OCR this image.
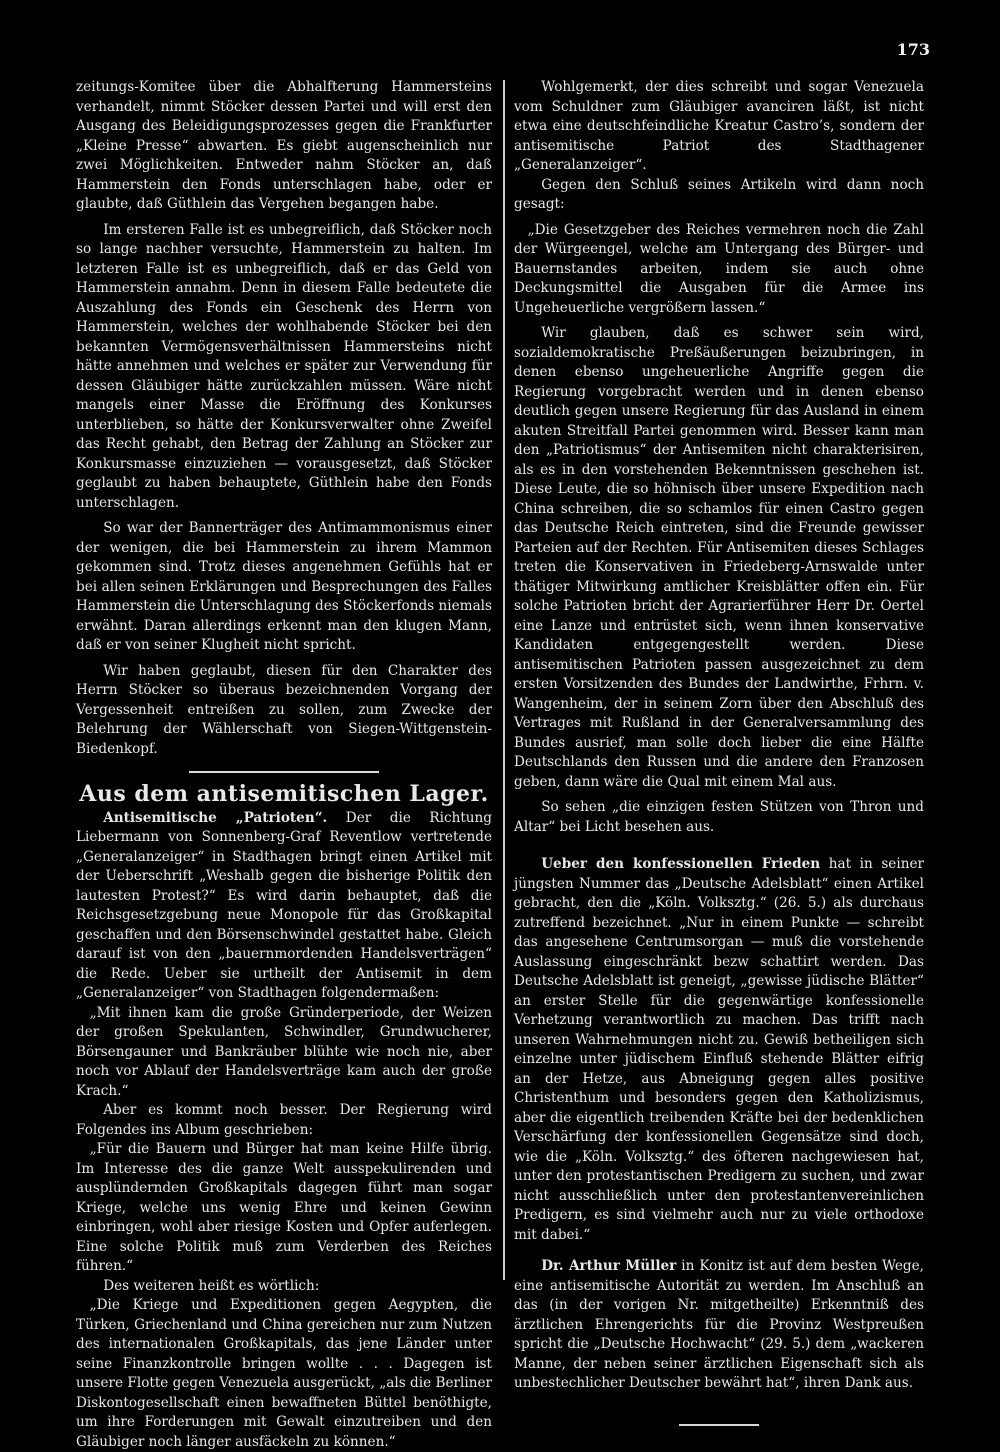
173

zeitungs-Komitee über die Abhalfterung Hammersteins verhandelt, nimmt Stöcker dessen Partei und will erst den Ausgang des Beleidigungsprozesses gegen die Frankfurter „Kleine Presse“ abwarten. Es giebt augenscheinlich nur zwei Möglichkeiten. Entweder nahm Stöcker an, daß Hammerstein den Fonds unterschlagen habe, oder er glaubte, daß Güthlein das Vergehen begangen habe.

Im ersteren Falle ist es unbegreiflich, daß Stöcker noch so lange nachher versuchte, Hammerstein zu halten. Im letzteren Falle ist es unbegreiflich, daß er das Geld von Hammerstein annahm. Denn in diesem Falle bedeutete die Auszahlung des Fonds ein Geschenk des Herrn von Hammerstein, welches der wohlhabende Stöcker bei den bekannten Vermögensverhältnissen Hammersteins nicht hätte annehmen und welches er später zur Verwendung für dessen Gläubiger hätte zurückzahlen müssen. Wäre nicht mangels einer Masse die Eröffnung des Konkurses unterblieben, so hätte der Konkursverwalter ohne Zweifel das Recht gehabt, den Betrag der Zahlung an Stöcker zur Konkursmasse einzuziehen — vorausgesetzt, daß Stöcker geglaubt zu haben behauptete, Güthlein habe den Fonds unterschlagen.

So war der Bannerträger des Antimammonismus einer der wenigen, die bei Hammerstein zu ihrem Mammon gekommen sind. Trotz dieses angenehmen Gefühls hat er bei allen seinen Erklärungen und Besprechungen des Falles Hammerstein die Unterschlagung des Stöckerfonds niemals erwähnt. Daran allerdings erkennt man den klugen Mann, daß er von seiner Klugheit nicht spricht.

Wir haben geglaubt, diesen für den Charakter des Herrn Stöcker so überaus bezeichnenden Vorgang der Vergessenheit entreißen zu sollen, zum Zwecke der Belehrung der Wählerschaft von Siegen-Wittgenstein-Biedenkopf.

Aus dem antisemitischen Lager.

Antisemitische „Patrioten“. Der die Richtung Liebermann von Sonnenberg-Graf Reventlow vertretende „Generalanzeiger“ in Stadthagen bringt einen Artikel mit der Ueberschrift „Weshalb gegen die bisherige Politik den lautesten Protest?“ Es wird darin behauptet, daß die Reichsgesetzgebung neue Monopole für das Großkapital geschaffen und den Börsenschwindel gestattet habe. Gleich darauf ist von den „bauernmordenden Handelsverträgen“ die Rede. Ueber sie urtheilt der Antisemit in dem „Generalanzeiger“ von Stadthagen folgendermaßen:

„Mit ihnen kam die große Gründerperiode, der Weizen der großen Spekulanten, Schwindler, Grundwucherer, Börsengauner und Bankräuber blühte wie noch nie, aber noch vor Ablauf der Handelsverträge kam auch der große Krach.“

Aber es kommt noch besser. Der Regierung wird Folgendes ins Album geschrieben:

„Für die Bauern und Bürger hat man keine Hilfe übrig. Im Interesse des die ganze Welt ausspekulirenden und ausplündernden Großkapitals dagegen führt man sogar Kriege, welche uns wenig Ehre und keinen Gewinn einbringen, wohl aber riesige Kosten und Opfer auferlegen. Eine solche Politik muß zum Verderben des Reiches führen.“

Des weiteren heißt es wörtlich:

„Die Kriege und Expeditionen gegen Aegypten, die Türken, Griechenland und China gereichen nur zum Nutzen des internationalen Großkapitals, das jene Länder unter seine Finanzkontrolle bringen wollte . . . Dagegen ist unsere Flotte gegen Venezuela ausgerückt, „als die Berliner Diskontogesellschaft einen bewaffneten Büttel benöthigte, um ihre Forderungen mit Gewalt einzutreiben und den Gläubiger noch länger ausfäckeln zu können.“

Wohlgemerkt, der dies schreibt und sogar Venezuela vom Schuldner zum Gläubiger avanciren läßt, ist nicht etwa eine deutschfeindliche Kreatur Castro’s, sondern der antisemitische Patriot des Stadthagener „Generalanzeiger“.

Gegen den Schluß seines Artikeln wird dann noch gesagt:

„Die Gesetzgeber des Reiches vermehren noch die Zahl der Würgeengel, welche am Untergang des Bürger- und Bauernstandes arbeiten, indem sie auch ohne Deckungsmittel die Ausgaben für die Armee ins Ungeheuerliche vergrößern lassen.“

Wir glauben, daß es schwer sein wird, sozialdemokratische Preßäußerungen beizubringen, in denen ebenso ungeheuerliche Angriffe gegen die Regierung vorgebracht werden und in denen ebenso deutlich gegen unsere Regierung für das Ausland in einem akuten Streitfall Partei genommen wird. Besser kann man den „Patriotismus“ der Antisemiten nicht charakterisiren, als es in den vorstehenden Bekenntnissen geschehen ist. Diese Leute, die so höhnisch über unsere Expedition nach China schreiben, die so schamlos für einen Castro gegen das Deutsche Reich eintreten, sind die Freunde gewisser Parteien auf der Rechten. Für Antisemiten dieses Schlages treten die Konservativen in Friedeberg-Arnswalde unter thätiger Mitwirkung amtlicher Kreisblätter offen ein. Für solche Patrioten bricht der Agrarierführer Herr Dr. Oertel eine Lanze und entrüstet sich, wenn ihnen konservative Kandidaten entgegengestellt werden. Diese antisemitischen Patrioten passen ausgezeichnet zu dem ersten Vorsitzenden des Bundes der Landwirthe, Frhrn. v. Wangenheim, der in seinem Zorn über den Abschluß des Vertrages mit Rußland in der Generalversammlung des Bundes ausrief, man solle doch lieber die eine Hälfte Deutschlands den Russen und die andere den Franzosen geben, dann wäre die Qual mit einem Mal aus.

So sehen „die einzigen festen Stützen von Thron und Altar“ bei Licht besehen aus.

Ueber den konfessionellen Frieden hat in seiner jüngsten Nummer das „Deutsche Adelsblatt“ einen Artikel gebracht, den die „Köln. Volksztg.“ (26. 5.) als durchaus zutreffend bezeichnet. „Nur in einem Punkte — schreibt das angesehene Centrumsorgan — muß die vorstehende Auslassung eingeschränkt bezw schattirt werden. Das Deutsche Adelsblatt ist geneigt, „gewisse jüdische Blätter“ an erster Stelle für die gegenwärtige konfessionelle Verhetzung verantwortlich zu machen. Das trifft nach unseren Wahrnehmungen nicht zu. Gewiß betheiligen sich einzelne unter jüdischem Einfluß stehende Blätter eifrig an der Hetze, aus Abneigung gegen alles positive Christenthum und besonders gegen den Katholizismus, aber die eigentlich treibenden Kräfte bei der bedenklichen Verschärfung der konfessionellen Gegensätze sind doch, wie die „Köln. Volksztg.“ des öfteren nachgewiesen hat, unter den protestantischen Predigern zu suchen, und zwar nicht ausschließlich unter den protestantenvereinlichen Predigern, es sind vielmehr auch nur zu viele orthodoxe mit dabei.“

Dr. Arthur Müller in Konitz ist auf dem besten Wege, eine antisemitische Autorität zu werden. Im Anschluß an das (in der vorigen Nr. mitgetheilte) Erkenntniß des ärztlichen Ehrengerichts für die Provinz Westpreußen spricht die „Deutsche Hochwacht“ (29. 5.) dem „wackeren Manne, der neben seiner ärztlichen Eigenschaft sich als unbestechlicher Deutscher bewährt hat“, ihren Dank aus.
